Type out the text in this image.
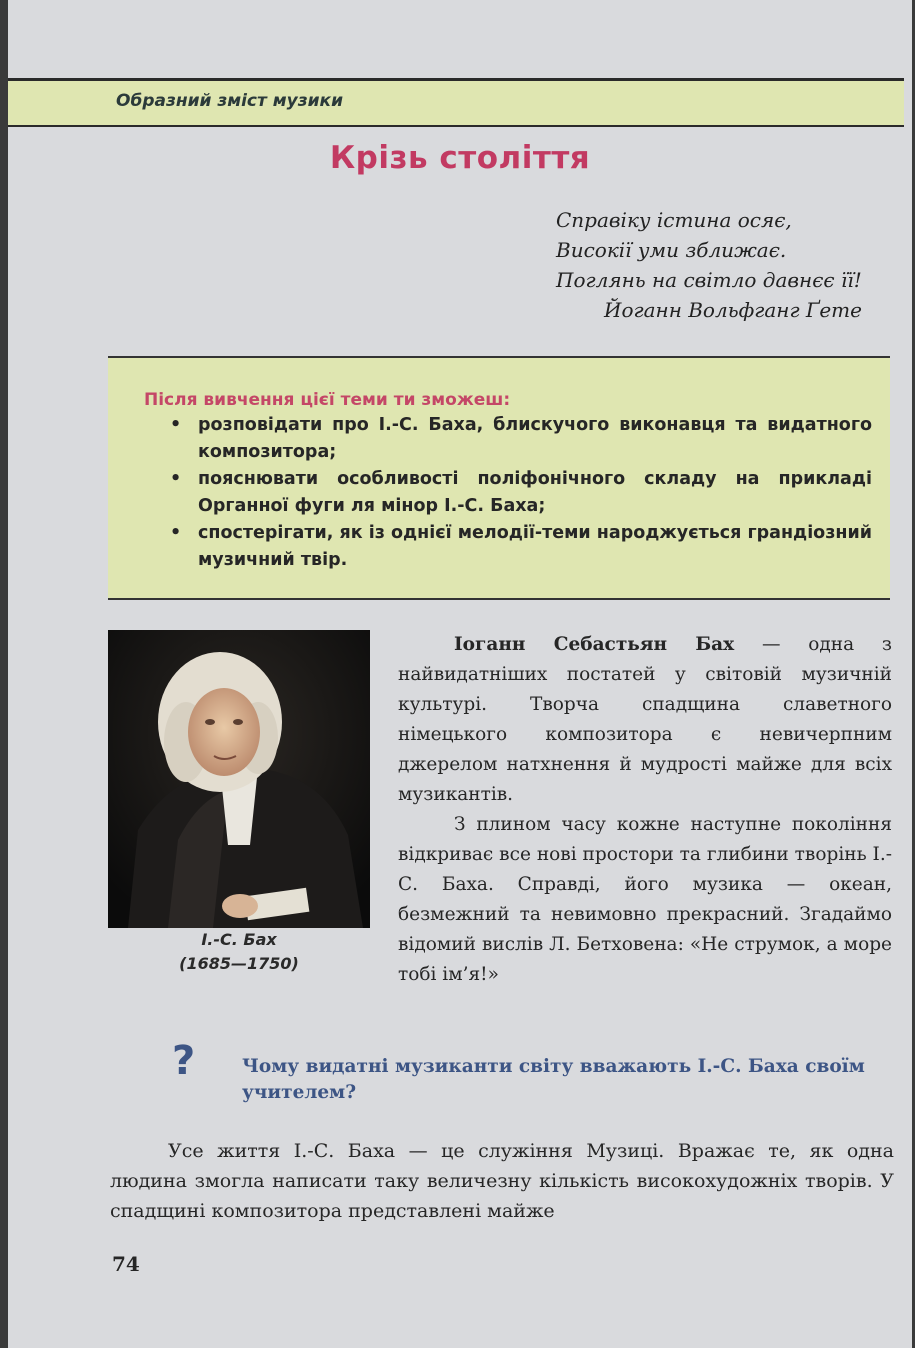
Образний зміст музики
Крізь століття
Справіку істина осяє,
Високії уми зближає.
Поглянь на світло давнєє її!
Йоганн Вольфганг Ґете
Після вивчення цієї теми ти зможеш:
• розповідати про І.-С. Баха, блискучого виконавця та видатного композитора;
• пояснювати особливості поліфонічного складу на прикладі Органної фуги ля мінор І.-С. Баха;
• спостерігати, як із однієї мелодії-теми народжується грандіозний музичний твір.
І.-С. Бах
(1685—1750)

Іоганн Себастьян Бах — одна з найвидатніших постатей у світовій музичній культурі. Творча спадщина славетного німецького композитора є невичерпним джерелом натхнення й мудрості майже для всіх музикантів.

З плином часу кожне наступне покоління відкриває все нові простори та глибини творінь І.-С. Баха. Справді, його музика — океан, безмежний та невимовно прекрасний. Згадаймо відомий вислів Л. Бетховена: «Не струмок, а море тобі ім’я!»

?	Чому видатні музиканти світу вважають І.-С. Баха своїм учителем?

Усе життя І.-С. Баха — це служіння Музиці. Вражає те, як одна людина змогла написати таку величезну кількість високохудожніх творів. У спадщині композитора представлені майже

74
